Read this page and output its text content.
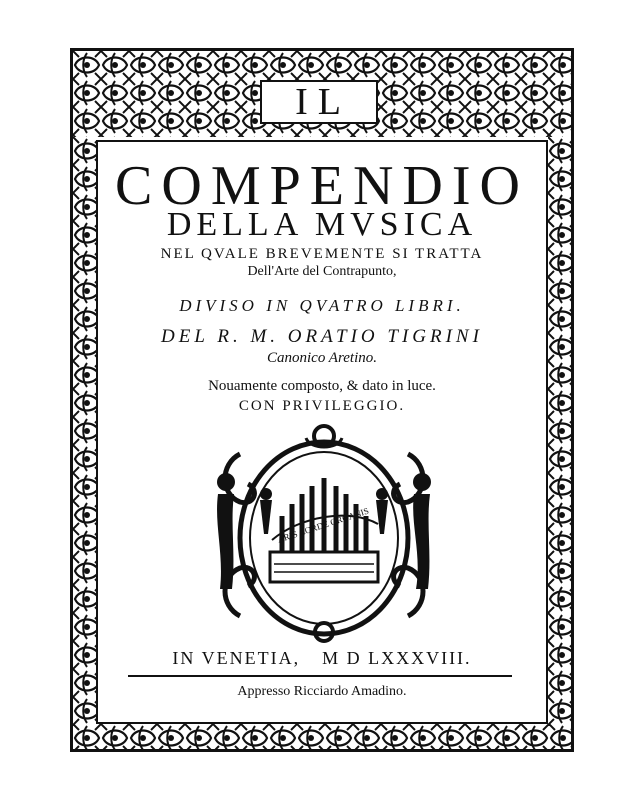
IL
COMPENDIO
DELLA MVSICA
NEL QVALE BREVEMENTE SI TRATTA
Dell'Arte del Contrapunto,
DIVISO IN QVATRO LIBRI.
DEL R. M. ORATIO TIGRINI
Canonico Aretino.
Nouamente composto, & dato in luce.
CON PRIVILEGGIO.
ARIS CORDE ORGANIS
IN VENETIA, M D LXXXVIII.
Appresso Ricciardo Amadino.
